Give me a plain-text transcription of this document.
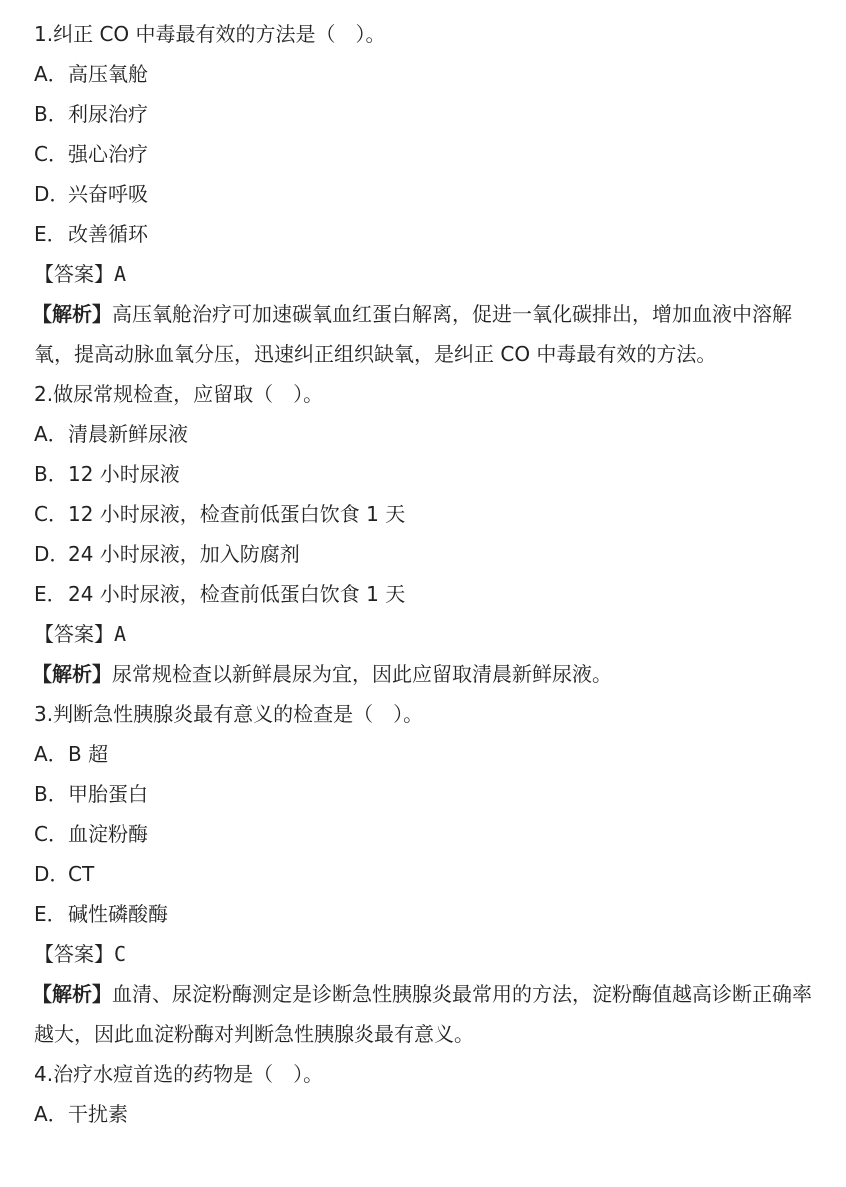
1.纠正 CO 中毒最有效的方法是（　）。
A．高压氧舱
B．利尿治疗
C．强心治疗
D．兴奋呼吸
E．改善循环
【答案】A
【解析】高压氧舱治疗可加速碳氧血红蛋白解离，促进一氧化碳排出，增加血液中溶解氧，提高动脉血氧分压，迅速纠正组织缺氧，是纠正 CO 中毒最有效的方法。
2.做尿常规检查，应留取（　）。
A．清晨新鲜尿液
B．12 小时尿液
C．12 小时尿液，检查前低蛋白饮食 1 天
D．24 小时尿液，加入防腐剂
E．24 小时尿液，检查前低蛋白饮食 1 天
【答案】A
【解析】尿常规检查以新鲜晨尿为宜，因此应留取清晨新鲜尿液。
3.判断急性胰腺炎最有意义的检查是（　）。
A．B 超
B．甲胎蛋白
C．血淀粉酶
D．CT
E．碱性磷酸酶
【答案】C
【解析】血清、尿淀粉酶测定是诊断急性胰腺炎最常用的方法，淀粉酶值越高诊断正确率越大，因此血淀粉酶对判断急性胰腺炎最有意义。
4.治疗水痘首选的药物是（　）。
A．干扰素
